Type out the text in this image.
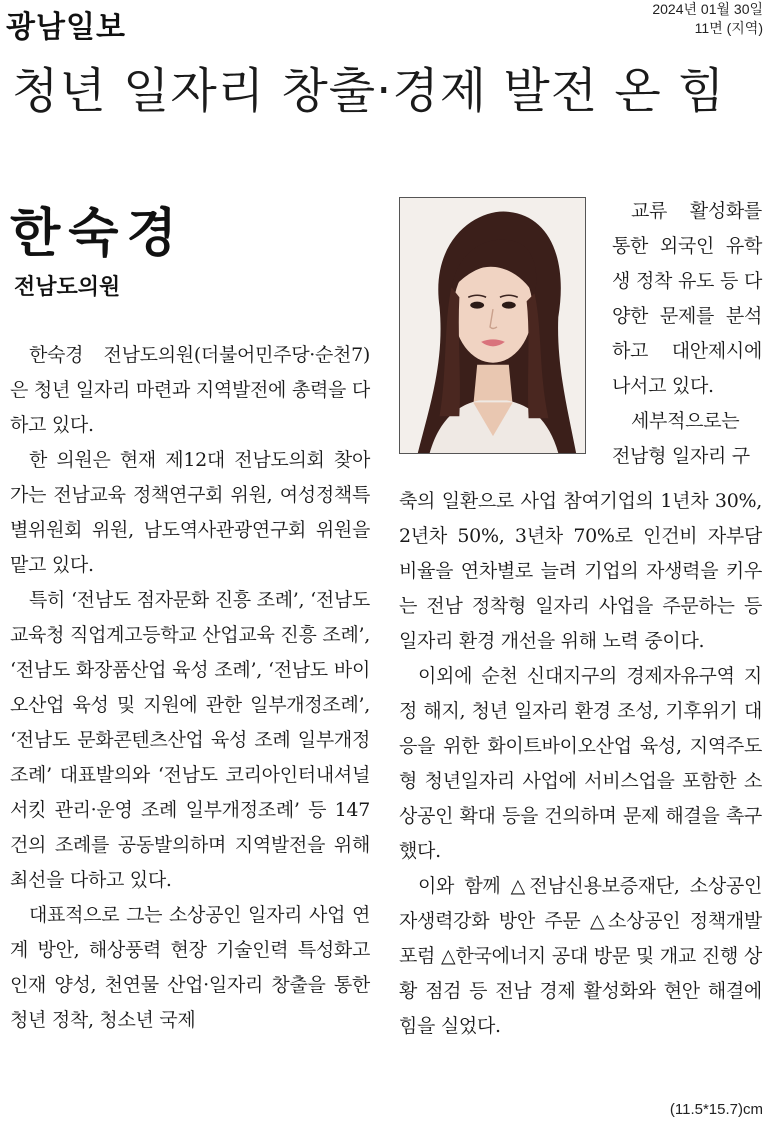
광남일보
2024년 01월 30일
11면 (지역)
청년 일자리 창출·경제 발전 온 힘
한숙경
전남도의원

한숙경 전남도의원(더불어민주당·순천7)은 청년 일자리 마련과 지역발전에 총력을 다하고 있다.

한 의원은 현재 제12대 전남도의회 찾아가는 전남교육 정책연구회 위원, 여성정책특별위원회 위원, 남도역사관광연구회 위원을 맡고 있다.

특히 ‘전남도 점자문화 진흥 조례’, ‘전남도교육청 직업계고등학교 산업교육 진흥 조례’, ‘전남도 화장품산업 육성 조례’, ‘전남도 바이오산업 육성 및 지원에 관한 일부개정조례’, ‘전남도 문화콘텐츠산업 육성 조례 일부개정조례’ 대표발의와 ‘전남도 코리아인터내셔널서킷 관리·운영 조례 일부개정조례’ 등 147건의 조례를 공동발의하며 지역발전을 위해 최선을 다하고 있다.

대표적으로 그는 소상공인 일자리 사업 연계 방안, 해상풍력 현장 기술인력 특성화고 인재 양성, 천연물 산업·일자리 창출을 통한 청년 정착, 청소년 국제

교류 활성화를 통한 외국인 유학생 정착 유도 등 다양한 문제를 분석하고 대안제시에 나서고 있다.

세부적으로는 전남형 일자리 구

축의 일환으로 사업 참여기업의 1년차 30%, 2년차 50%, 3년차 70%로 인건비 자부담 비율을 연차별로 늘려 기업의 자생력을 키우는 전남 정착형 일자리 사업을 주문하는 등 일자리 환경 개선을 위해 노력 중이다.

이외에 순천 신대지구의 경제자유구역 지정 해지, 청년 일자리 환경 조성, 기후위기 대응을 위한 화이트바이오산업 육성, 지역주도형 청년일자리 사업에 서비스업을 포함한 소상공인 확대 등을 건의하며 문제 해결을 촉구했다.

이와 함께 △전남신용보증재단, 소상공인 자생력강화 방안 주문 △소상공인 정책개발 포럼 △한국에너지 공대 방문 및 개교 진행 상황 점검 등 전남 경제 활성화와 현안 해결에 힘을 실었다.

(11.5*15.7)cm
